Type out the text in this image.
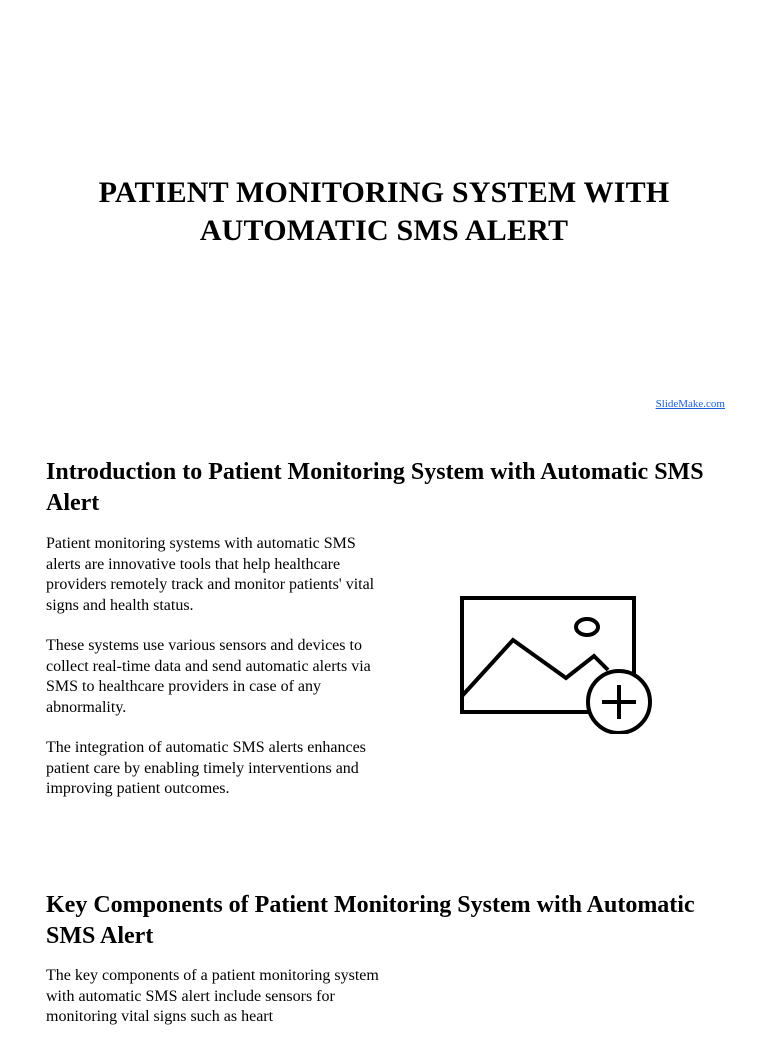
PATIENT MONITORING SYSTEM WITH
AUTOMATIC SMS ALERT
SlideMake.com
Introduction to Patient Monitoring System with Automatic SMS Alert

Patient monitoring systems with automatic SMS alerts are innovative tools that help healthcare providers remotely track and monitor patients' vital signs and health status.

These systems use various sensors and devices to collect real-time data and send automatic alerts via SMS to healthcare providers in case of any abnormality.

The integration of automatic SMS alerts enhances patient care by enabling timely interventions and improving patient outcomes.

Key Components of Patient Monitoring System with Automatic SMS Alert

The key components of a patient monitoring system with automatic SMS alert include sensors for monitoring vital signs such as heart
